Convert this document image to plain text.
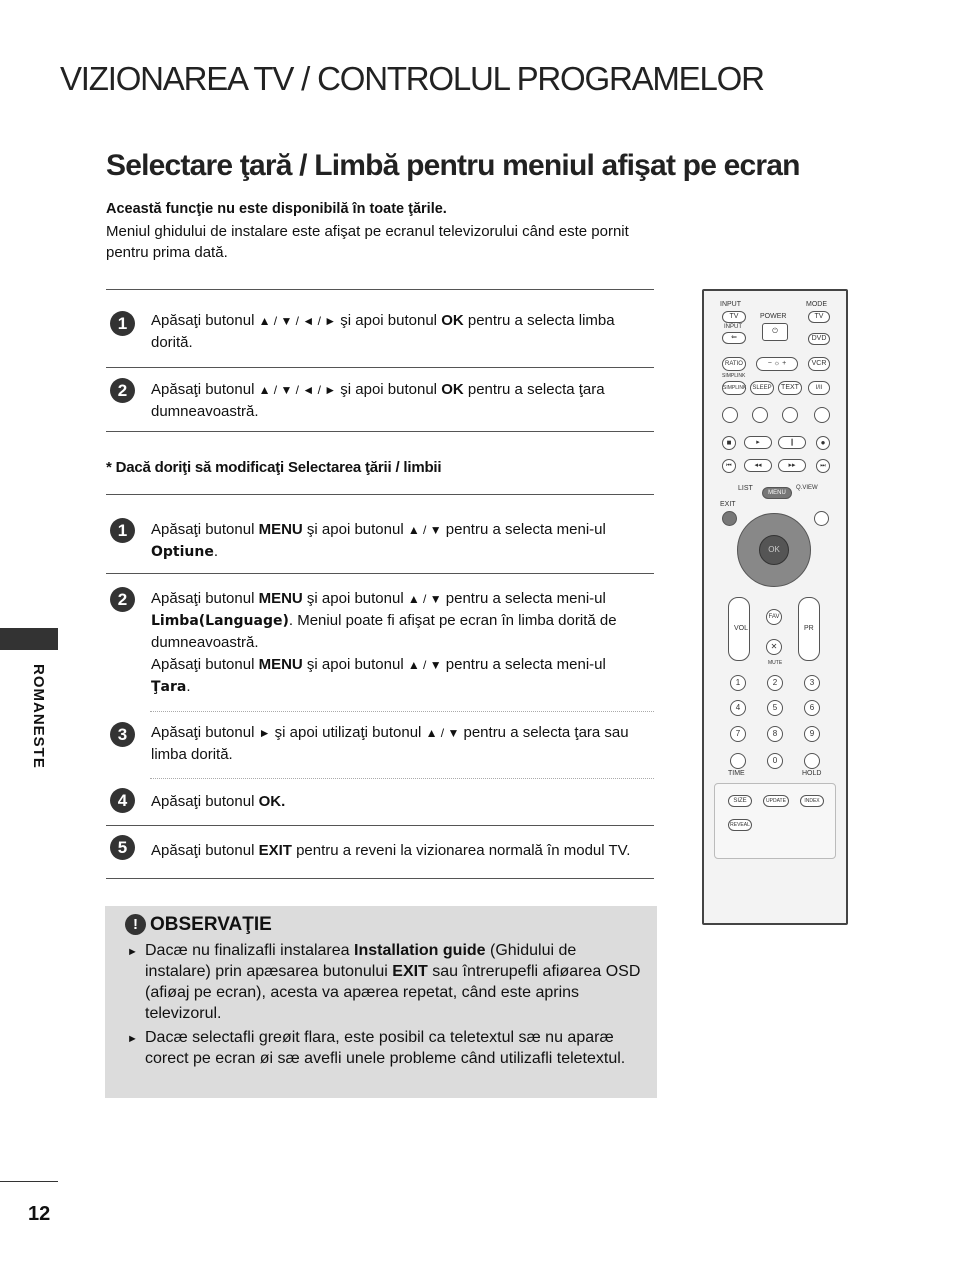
VIZIONAREA TV / CONTROLUL PROGRAMELOR
Selectare ţară / Limbă pentru meniul afişat pe ecran
Această funcţie nu este disponibilă în toate ţările.
Meniul ghidului de instalare este afişat pe ecranul televizorului când este pornit pentru prima dată.
1	Apăsaţi butonul ▲ / ▼ / ◄ / ► şi apoi butonul OK pentru a selecta limba dorită.
2	Apăsaţi butonul ▲ / ▼ / ◄ / ► şi apoi butonul OK pentru a selecta ţara dumneavoastră.
* Dacă doriţi să modificaţi Selectarea ţării / limbii
1	Apăsaţi butonul MENU şi apoi butonul ▲ / ▼ pentru a selecta meni-ul Optiune.
2	Apăsaţi butonul MENU şi apoi butonul ▲ / ▼ pentru a selecta meni-ul Limba(Language). Meniul poate fi afişat pe ecran în limba dorită de dumneavoastră.
Apăsaţi butonul MENU şi apoi butonul ▲ / ▼ pentru a selecta meni-ul Ţara.
3	Apăsaţi butonul ► şi apoi utilizaţi butonul ▲ / ▼ pentru a selecta ţara sau limba dorită.
4	Apăsaţi butonul OK.
5	Apăsaţi butonul EXIT pentru a reveni la vizionarea normală în modul TV.
! OBSERVAŢIE
► Dacæ nu finalizafli instalarea Installation guide (Ghidului de instalare) prin apæsarea butonului EXIT sau întrerupefli afiøarea OSD (afiøaj pe ecran), acesta va apærea repetat, când este aprins televizorul.
► Dacæ selectafli greøit flara, este posibil ca teletextul sæ nu aparæ corect pe ecran øi sæ avefli unele probleme când utilizafli teletextul.
ROMANESTE
12
INPUT
TV
INPUT
⇐
POWER
⏻
MODE
TV
DVD
RATIO	− ☼ +	VCR
SIMPLINK
SIMPLINK SLEEP	TEXT	I/II
■	▸	❙	●
⏮	◂◂	▸▸	⏭
LIST
MENU
Q.VIEW
EXIT
OK
VOL
FAV
✕
MUTE
PR
1	2	3
4	5	6
7	8	9
0
TIME	HOLD
SIZE	UPDATE	INDEX
REVEAL
